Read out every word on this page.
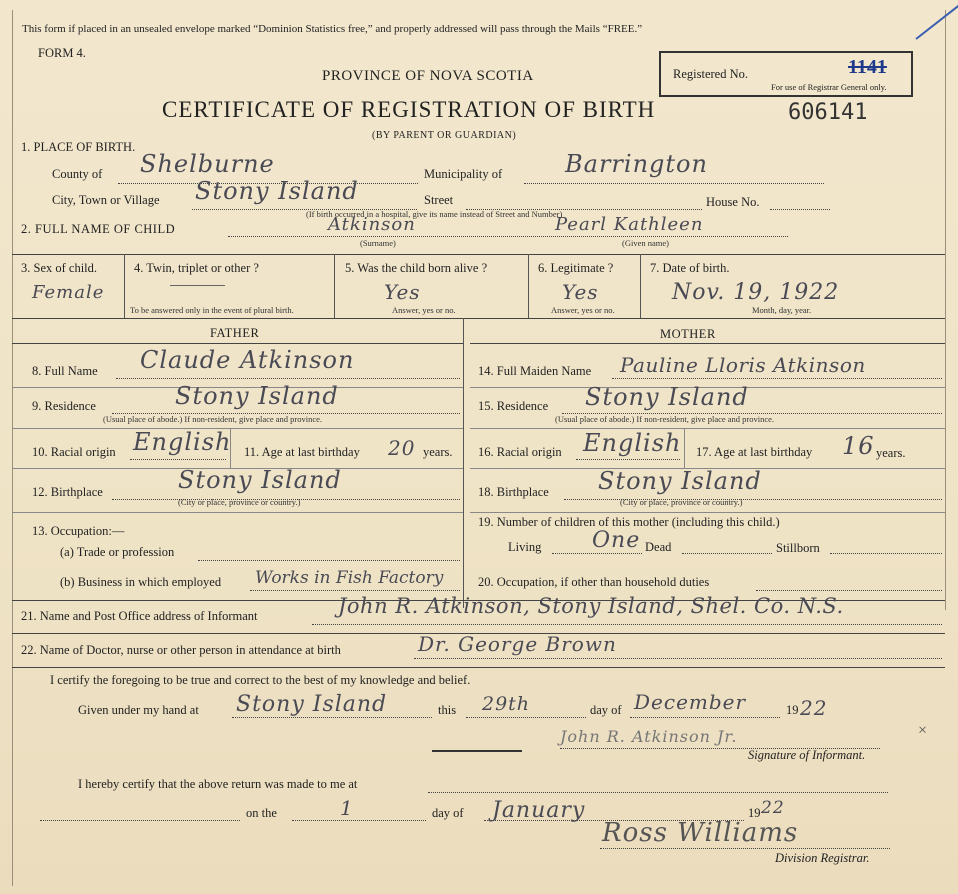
This form if placed in an unsealed envelope marked “Dominion Statistics free,” and properly addressed will pass through the Mails “FREE.”
FORM 4.
PROVINCE OF NOVA SCOTIA
CERTIFICATE OF REGISTRATION OF BIRTH
(BY PARENT OR GUARDIAN)
Registered No.
For use of Registrar General only.
1141
606141
1. PLACE OF BIRTH.
County of Shelburne	Municipality of	Barrington
City, Town or Village Stony Island	Street	House No.
(If birth occurred in a hospital, give its name instead of Street and Number)
2. FULL NAME OF CHILD	Atkinson
(Surname)
Pearl Kathleen
(Given name)
3. Sex of child.
Female
4. Twin, triplet or other ?
To be answered only in the event of plural birth.
5. Was the child born alive ?
Yes
Answer, yes or no.
6. Legitimate ?
Yes
Answer, yes or no.
7. Date of birth.
Nov. 19, 1922
Month, day, year.
FATHER	MOTHER
8. Full Name Claude Atkinson
9. Residence	Stony Island
(Usual place of abode.) If non-resident, give place and province.
10. Racial origin English 11. Age at last birthday 20 years.
12. Birthplace	Stony Island
(City or place, province or country.)
13. Occupation:—
(a) Trade or profession
(b) Business in which employed Works in Fish Factory
14. Full Maiden Name Pauline Lloris Atkinson
15. Residence Stony Island
(Usual place of abode.) If non-resident, give place and province.
16. Racial origin English 17. Age at last birthday 16 years.
18. Birthplace Stony Island
(City or place, province or country.)
19. Number of children of this mother (including this child.)
Living One Dead	Stillborn
20. Occupation, if other than household duties
21. Name and Post Office address of Informant	John R. Atkinson, Stony Island, Shel. Co. N.S.
22. Name of Doctor, nurse or other person in attendance at birth	Dr. George Brown
I certify the foregoing to be true and correct to the best of my knowledge and belief.
Given under my hand at Stony Island	this 29th	day of December	19 22
John R. Atkinson Jr.	×
Signature of Informant.
I hereby certify that the above return was made to me at
on the	1	day of January	19 22
Ross Williams
Division Registrar.
